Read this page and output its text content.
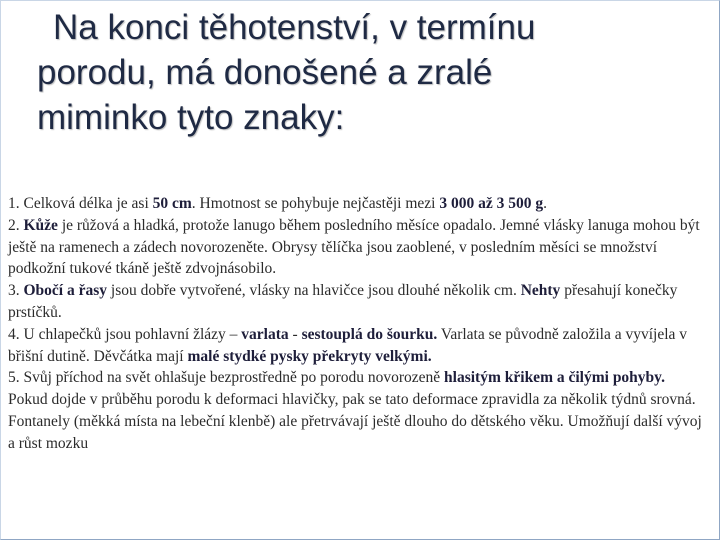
Na konci těhotenství, v termínu
porodu, má donošené a zralé
miminko tyto znaky:

1. Celková délka je asi 50 cm. Hmotnost se pohybuje nejčastěji mezi 3 000 až 3 500 g.

2. Kůže je růžová a hladká, protože lanugo během posledního měsíce opadalo. Jemné vlásky lanuga mohou být ještě na ramenech a zádech novorozeněte. Obrysy tělíčka jsou zaoblené, v posledním měsíci se množství podkožní tukové tkáně ještě zdvojnásobilo.

3. Obočí a řasy jsou dobře vytvořené, vlásky na hlavičce jsou dlouhé několik cm. Nehty přesahují konečky prstíčků.

4. U chlapečků jsou pohlavní žlázy – varlata - sestouplá do šourku. Varlata se původně založila a vyvíjela v břišní dutině. Děvčátka mají malé stydké pysky překryty velkými.

5. Svůj příchod na svět ohlašuje bezprostředně po porodu novorozeně hlasitým křikem a čilými pohyby.

Pokud dojde v průběhu porodu k deformaci hlavičky, pak se tato deformace zpravidla za několik týdnů srovná. Fontanely (měkká místa na lebeční klenbě) ale přetrvávají ještě dlouho do dětského věku. Umožňují další vývoj a růst mozku
